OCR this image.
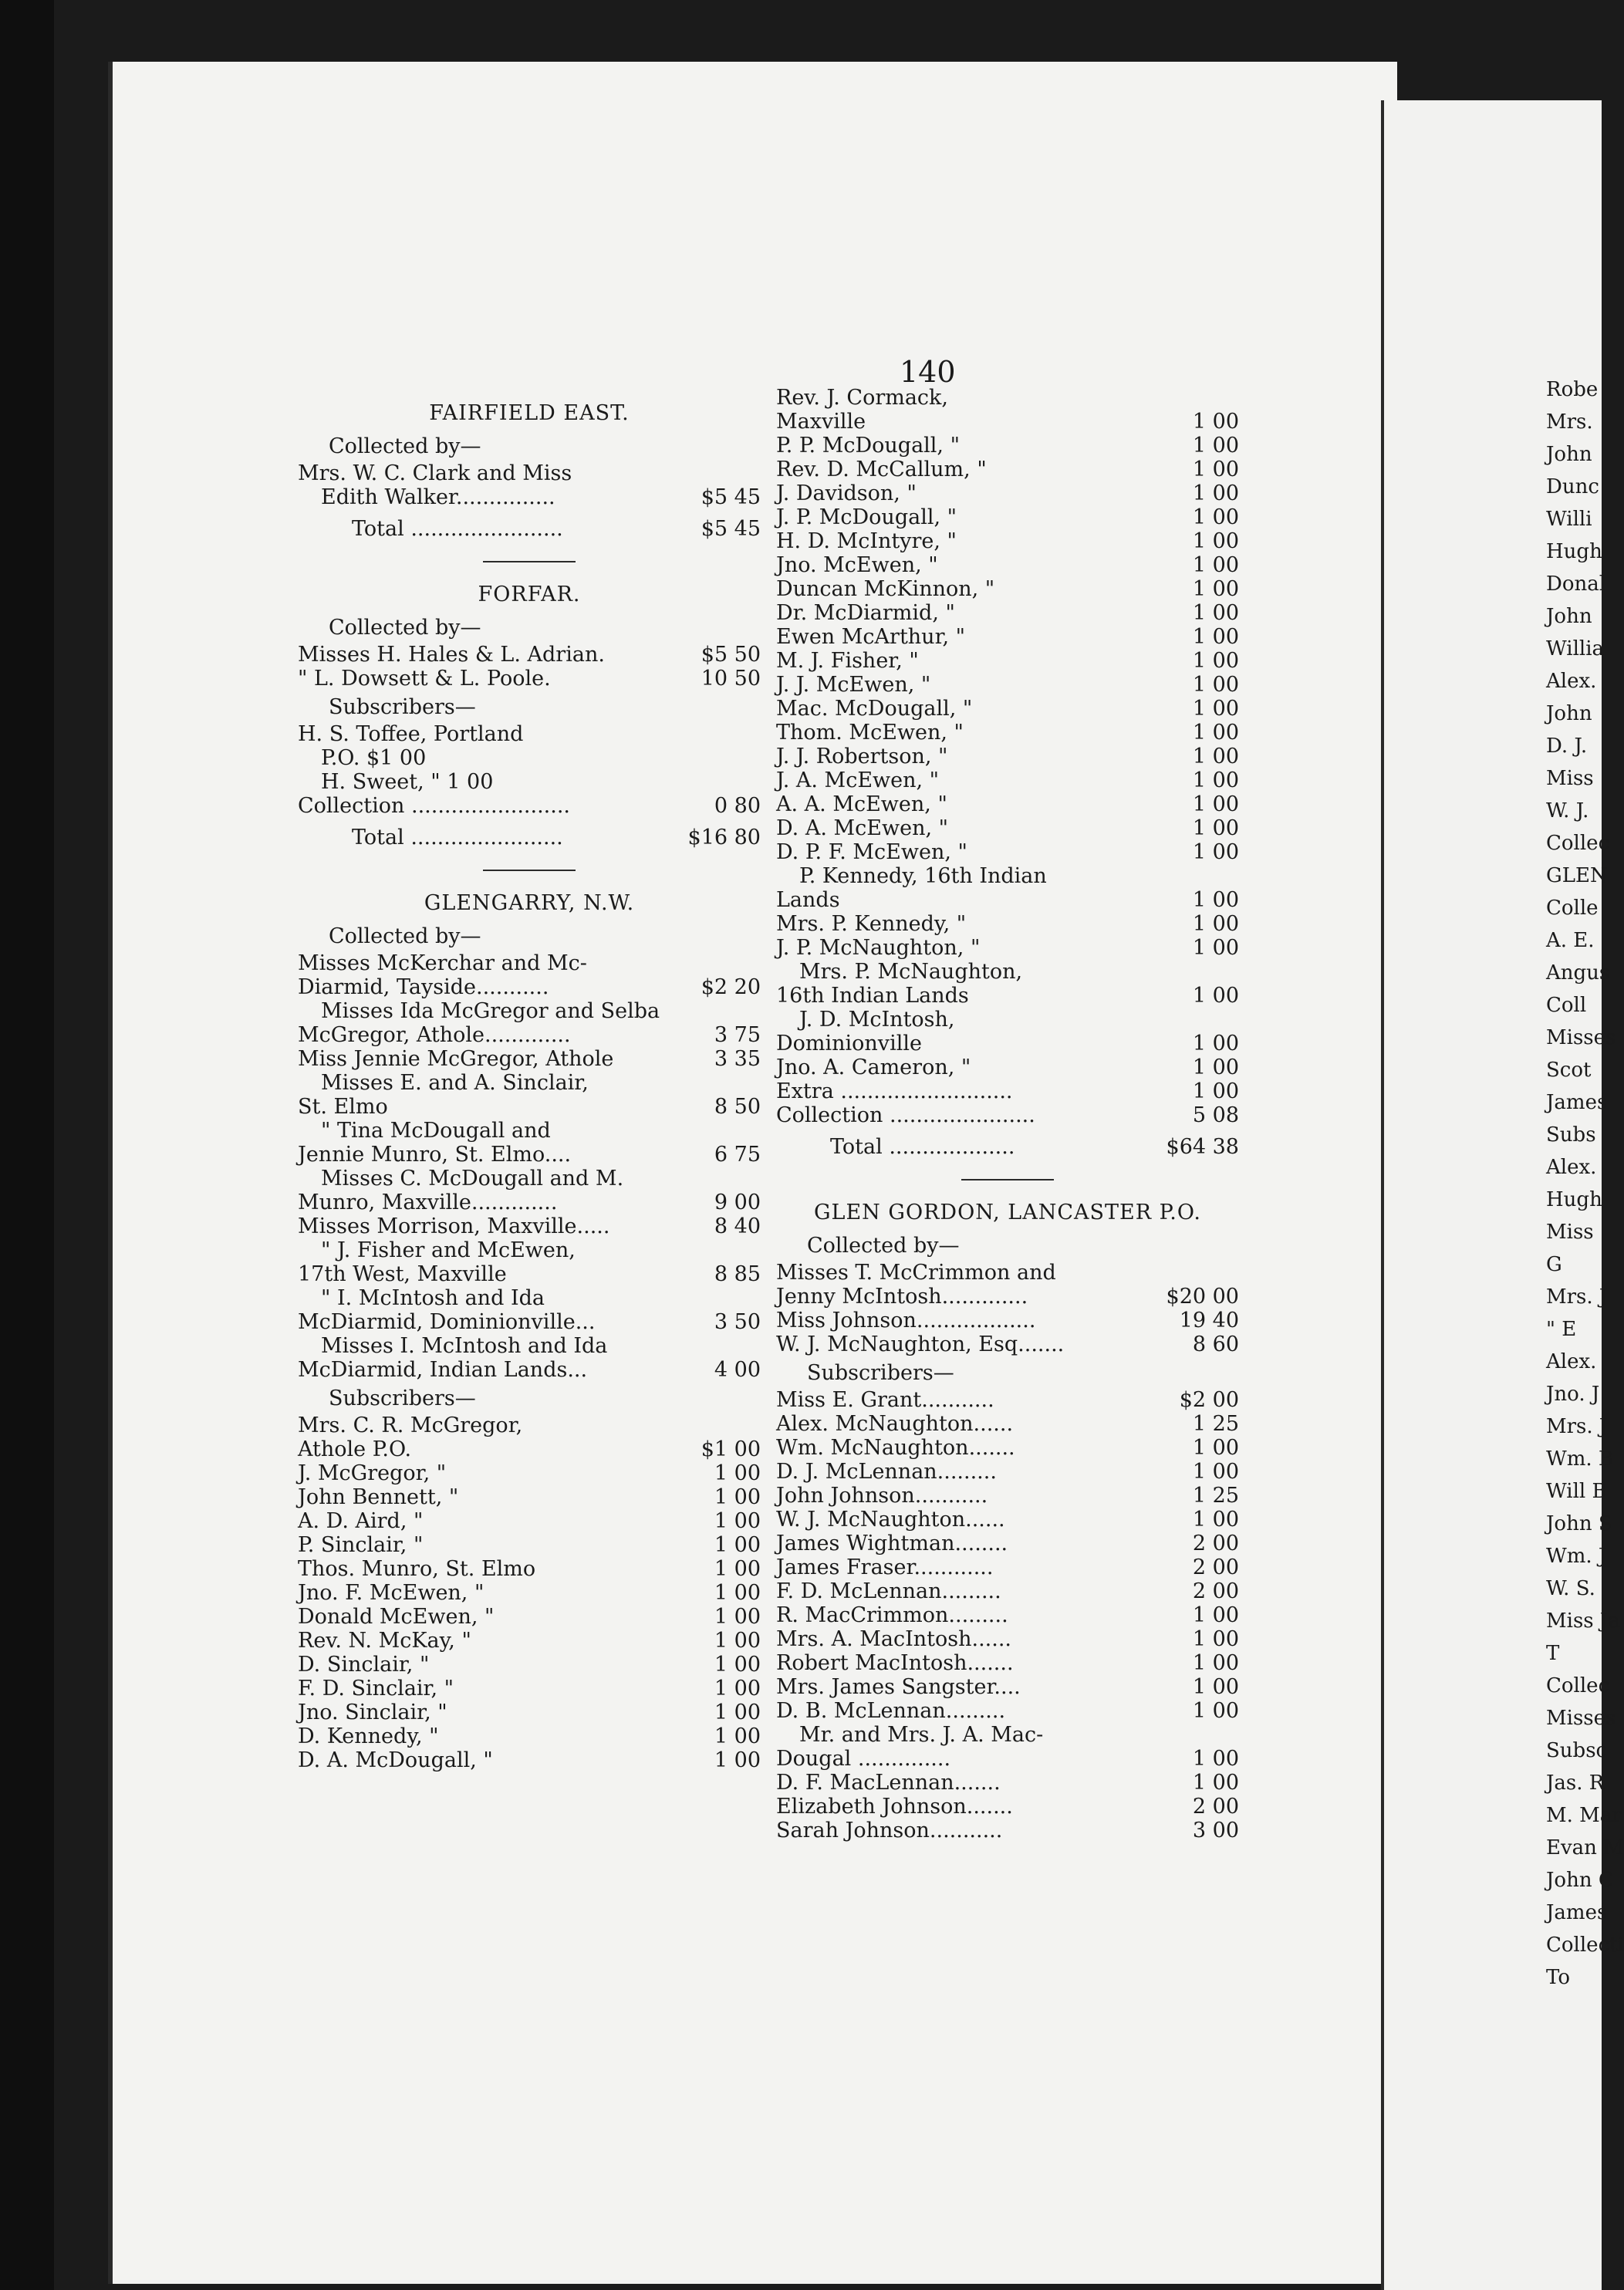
140
FAIRFIELD EAST.
Collected by—
Mrs. W. C. Clark and Miss
Edith Walker...............	$5 45
Total .......................	$5 45
FORFAR.
Collected by—
Misses H. Hales & L. Adrian.	$5 50
" L. Dowsett & L. Poole.	10 50
Subscribers—
H. S. Toffee, Portland
P.O. $1 00
H. Sweet, " 1 00
Collection ........................	0 80
Total .......................	$16 80
GLENGARRY, N.W.
Collected by—
Misses McKerchar and Mc-
Diarmid, Tayside...........	$2 20
Misses Ida McGregor and Selba
McGregor, Athole.............	3 75
Miss Jennie McGregor, Athole	3 35
Misses E. and A. Sinclair,
St. Elmo	8 50
" Tina McDougall and
Jennie Munro, St. Elmo....	6 75
Misses C. McDougall and M.
Munro, Maxville.............	9 00
Misses Morrison, Maxville.....	8 40
" J. Fisher and McEwen,
17th West, Maxville	8 85
" I. McIntosh and Ida
McDiarmid, Dominionville...	3 50
Misses I. McIntosh and Ida
McDiarmid, Indian Lands...	4 00
Subscribers—
Mrs. C. R. McGregor,
Athole P.O.	$1 00
J. McGregor, "	1 00
John Bennett, "	1 00
A. D. Aird, "	1 00
P. Sinclair, "	1 00
Thos. Munro, St. Elmo	1 00
Jno. F. McEwen, "	1 00
Donald McEwen, "	1 00
Rev. N. McKay, "	1 00
D. Sinclair, "	1 00
F. D. Sinclair, "	1 00
Jno. Sinclair, "	1 00
D. Kennedy, "	1 00
D. A. McDougall, "	1 00
Rev. J. Cormack,
Maxville	1 00
P. P. McDougall, "	1 00
Rev. D. McCallum, "	1 00
J. Davidson, "	1 00
J. P. McDougall, "	1 00
H. D. McIntyre, "	1 00
Jno. McEwen, "	1 00
Duncan McKinnon, "	1 00
Dr. McDiarmid, "	1 00
Ewen McArthur, "	1 00
M. J. Fisher, "	1 00
J. J. McEwen, "	1 00
Mac. McDougall, "	1 00
Thom. McEwen, "	1 00
J. J. Robertson, "	1 00
J. A. McEwen, "	1 00
A. A. McEwen, "	1 00
D. A. McEwen, "	1 00
D. P. F. McEwen, "	1 00
P. Kennedy, 16th Indian
Lands	1 00
Mrs. P. Kennedy, "	1 00
J. P. McNaughton, "	1 00
Mrs. P. McNaughton,
16th Indian Lands	1 00
J. D. McIntosh,
Dominionville	1 00
Jno. A. Cameron, "	1 00
Extra ..........................	1 00
Collection ......................	5 08
Total ...................	$64 38
GLEN GORDON, LANCASTER P.O.
Collected by—
Misses T. McCrimmon and
Jenny McIntosh.............	$20 00
Miss Johnson..................	19 40
W. J. McNaughton, Esq.......	8 60
Subscribers—
Miss E. Grant...........	$2 00
Alex. McNaughton......	1 25
Wm. McNaughton.......	1 00
D. J. McLennan.........	1 00
John Johnson...........	1 25
W. J. McNaughton......	1 00
James Wightman........	2 00
James Fraser............	2 00
F. D. McLennan.........	2 00
R. MacCrimmon.........	1 00
Mrs. A. MacIntosh......	1 00
Robert MacIntosh.......	1 00
Mrs. James Sangster....	1 00
D. B. McLennan.........	1 00
Mr. and Mrs. J. A. Mac-
Dougal ..............	1 00
D. F. MacLennan.......	1 00
Elizabeth Johnson.......	2 00
Sarah Johnson...........	3 00
Robe
Mrs.
John
Dunc
Willi
Hugh
Donal
John
Willia
Alex.
John
D. J.
Miss
W. J.
Collec
GLEN
Colle
A. E.
Angus
Coll
Misses
Scot
James
Subs
Alex.
Hugh
Miss
G
Mrs. J
" E
Alex.
Jno. J
Mrs. J
Wm. B
Will B
John S
Wm. J
W. S.
Miss Ja
T
Collec
Misses
Subsc
Jas. R
M. Mar
Evan M
John C
James
Collecti
To
